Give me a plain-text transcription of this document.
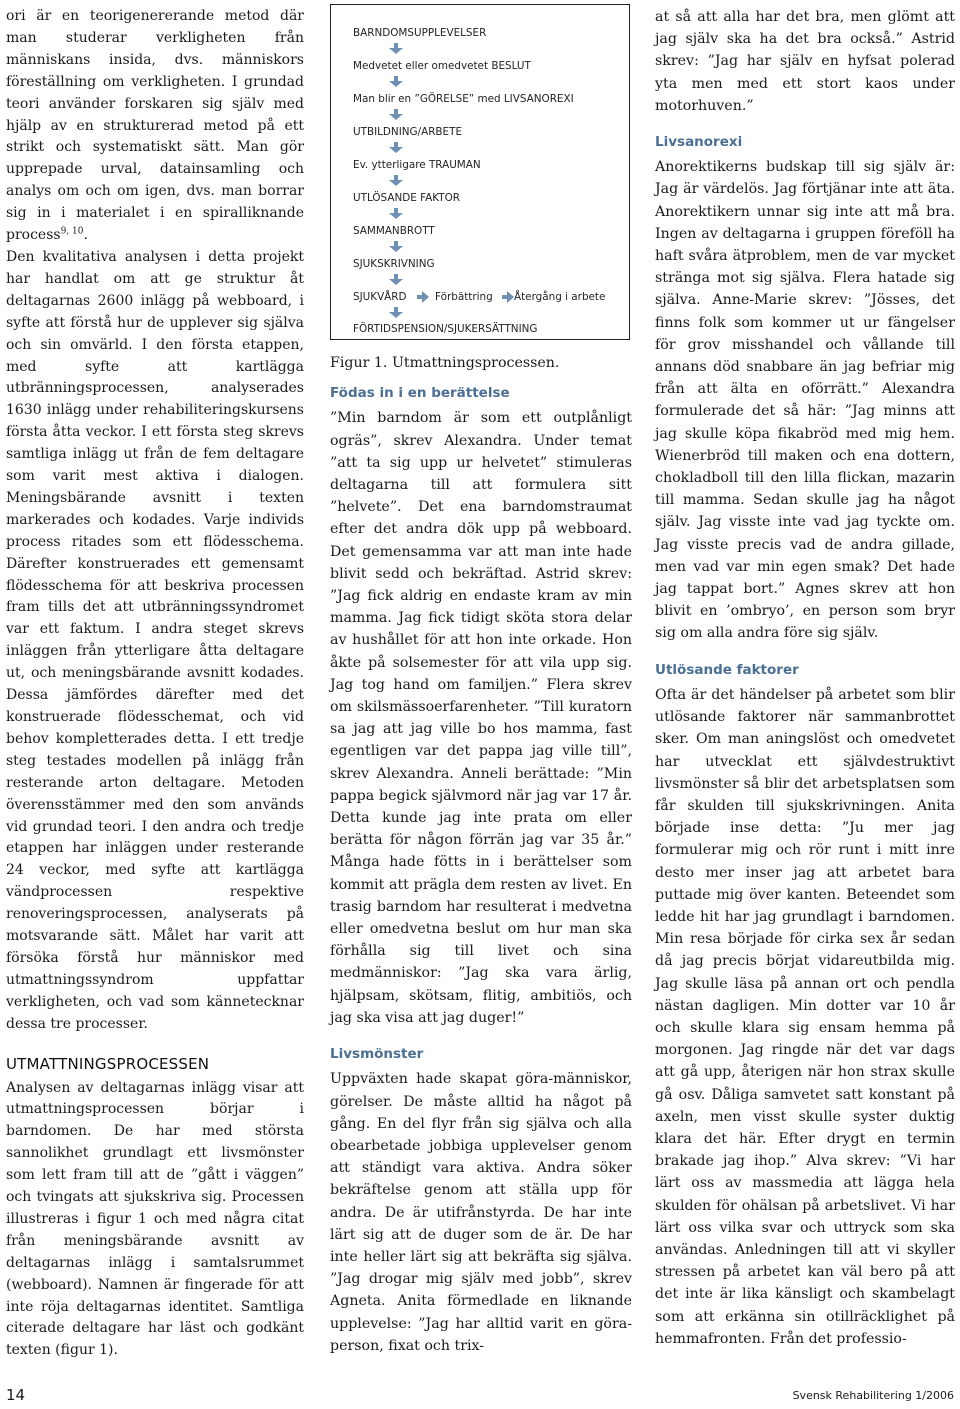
ori är en teorigenererande metod där man studerar verkligheten från människans insida, dvs. människors föreställning om verkligheten. I grundad teori använder forskaren sig själv med hjälp av en strukturerad metod på ett strikt och systematiskt sätt. Man gör upprepade urval, datainsamling och analys om och om igen, dvs. man borrar sig in i materialet i en spiralliknande process$^{9, 10}$.

Den kvalitativa analysen i detta projekt har handlat om att ge struktur åt deltagarnas 2600 inlägg på webboard, i syfte att förstå hur de upplever sig själva och sin omvärld. I den första etappen, med syfte att kartlägga utbränningsprocessen, analyserades 1630 inlägg under rehabiliteringskursens första åtta veckor. I ett första steg skrevs samtliga inlägg ut från de fem deltagare som varit mest aktiva i dialogen. Meningsbärande avsnitt i texten markerades och kodades. Varje individs process ritades som ett flödesschema. Därefter konstruerades ett gemensamt flödesschema för att beskriva processen fram tills det att utbränningssyndromet var ett faktum. I andra steget skrevs inläggen från ytterligare åtta deltagare ut, och meningsbärande avsnitt kodades. Dessa jämfördes därefter med det konstruerade flödesschemat, och vid behov kompletterades detta. I ett tredje steg testades modellen på inlägg från resterande arton deltagare. Metoden överensstämmer med den som används vid grundad teori. I den andra och tredje etappen har inläggen under resterande 24 veckor, med syfte att kartlägga vändprocessen respektive renoveringsprocessen, analyserats på motsvarande sätt. Målet har varit att försöka förstå hur människor med utmattningssyndrom uppfattar verkligheten, och vad som kännetecknar dessa tre processer.

UTMATTNINGSPROCESSEN

Analysen av deltagarnas inlägg visar att utmattningsprocessen börjar i barndomen. De har med största sannolikhet grundlagt ett livsmönster som lett fram till att de ”gått i väggen” och tvingats att sjukskriva sig. Processen illustreras i figur 1 och med några citat från meningsbärande avsnitt av deltagarnas inlägg i samtalsrummet (webboard). Namnen är fingerade för att inte röja deltagarnas identitet. Samtliga citerade deltagare har läst och godkänt texten (figur 1).

BARNDOMSUPPLEVELSER
Medvetet eller omedvetet BESLUT
Man blir en ”GÖRELSE” med LIVSANOREXI
UTBILDNING/ARBETE
Ev. ytterligare TRAUMAN
UTLÖSANDE FAKTOR
SAMMANBROTT
SJUKSKRIVNING
SJUKVÅRD	Förbättring Återgång i arbete
FÖRTIDSPENSION/SJUKERSÄTTNING

Figur 1. Utmattningsprocessen.

Födas in i en berättelse

”Min barndom är som ett outplånligt ogräs”, skrev Alexandra. Under temat ”att ta sig upp ur helvetet” stimuleras deltagarna till att formulera sitt ”helvete”. Det ena barndomstraumat efter det andra dök upp på webboard. Det gemensamma var att man inte hade blivit sedd och bekräftad. Astrid skrev: ”Jag fick aldrig en endaste kram av min mamma. Jag fick tidigt sköta stora delar av hushållet för att hon inte orkade. Hon åkte på solsemester för att vila upp sig. Jag tog hand om familjen.” Flera skrev om skilsmässoerfarenheter. ”Till kuratorn sa jag att jag ville bo hos mamma, fast egentligen var det pappa jag ville till”, skrev Alexandra. Anneli berättade: ”Min pappa begick självmord när jag var 17 år. Detta kunde jag inte prata om eller berätta för någon förrän jag var 35 år.” Många hade fötts in i berättelser som kommit att prägla dem resten av livet. En trasig barndom har resulterat i medvetna eller omedvetna beslut om hur man ska förhålla sig till livet och sina medmänniskor: ”Jag ska vara ärlig, hjälpsam, skötsam, flitig, ambitiös, och jag ska visa att jag duger!”

Livsmönster

Uppväxten hade skapat göra-människor, görelser. De måste alltid ha något på gång. En del flyr från sig själva och alla obearbetade jobbiga upplevelser genom att ständigt vara aktiva. Andra söker bekräftelse genom att ställa upp för andra. De är utifrånstyrda. De har inte lärt sig att de duger som de är. De har inte heller lärt sig att bekräfta sig själva. ”Jag drogar mig själv med jobb”, skrev Agneta. Anita förmedlade en liknande upplevelse: ”Jag har alltid varit en göra-person, fixat och trix-

at så att alla har det bra, men glömt att jag själv ska ha det bra också.” Astrid skrev: ”Jag har själv en hyfsat polerad yta men med ett stort kaos under motorhuven.”

Livsanorexi

Anorektikerns budskap till sig själv är: Jag är värdelös. Jag förtjänar inte att äta. Anorektikern unnar sig inte att må bra. Ingen av deltagarna i gruppen föreföll ha haft svåra ätproblem, men de var mycket stränga mot sig själva. Flera hatade sig själva. Anne-Marie skrev: ”Jösses, det finns folk som kommer ut ur fängelser för grov misshandel och vållande till annans död snabbare än jag befriar mig från att älta en oförrätt.” Alexandra formulerade det så här: ”Jag minns att jag skulle köpa fikabröd med mig hem. Wienerbröd till maken och ena dottern, chokladboll till den lilla flickan, mazarin till mamma. Sedan skulle jag ha något själv. Jag visste inte vad jag tyckte om. Jag visste precis vad de andra gillade, men vad var min egen smak? Det hade jag tappat bort.” Agnes skrev att hon blivit en ’ombryo’, en person som bryr sig om alla andra före sig själv.

Utlösande faktorer

Ofta är det händelser på arbetet som blir utlösande faktorer när sammanbrottet sker. Om man aningslöst och omedvetet har utvecklat ett självdestruktivt livsmönster så blir det arbetsplatsen som får skulden till sjukskrivningen. Anita började inse detta: ”Ju mer jag formulerar mig och rör runt i mitt inre desto mer inser jag att arbetet bara puttade mig över kanten. Beteendet som ledde hit har jag grundlagt i barndomen. Min resa började för cirka sex år sedan då jag precis börjat vidareutbilda mig. Jag skulle läsa på annan ort och pendla nästan dagligen. Min dotter var 10 år och skulle klara sig ensam hemma på morgonen. Jag ringde när det var dags att gå upp, återigen när hon strax skulle gå osv. Dåliga samvetet satt konstant på axeln, men visst skulle syster duktig klara det här. Efter drygt en termin brakade jag ihop.” Alva skrev: ”Vi har lärt oss av massmedia att lägga hela skulden för ohälsan på arbetslivet. Vi har lärt oss vilka svar och uttryck som ska användas. Anledningen till att vi skyller stressen på arbetet kan väl bero på att det inte är lika känsligt och skambelagt som att erkänna sin otillräcklighet på hemmafronten. Från det professio-

14	Svensk Rehabilitering 1/2006
